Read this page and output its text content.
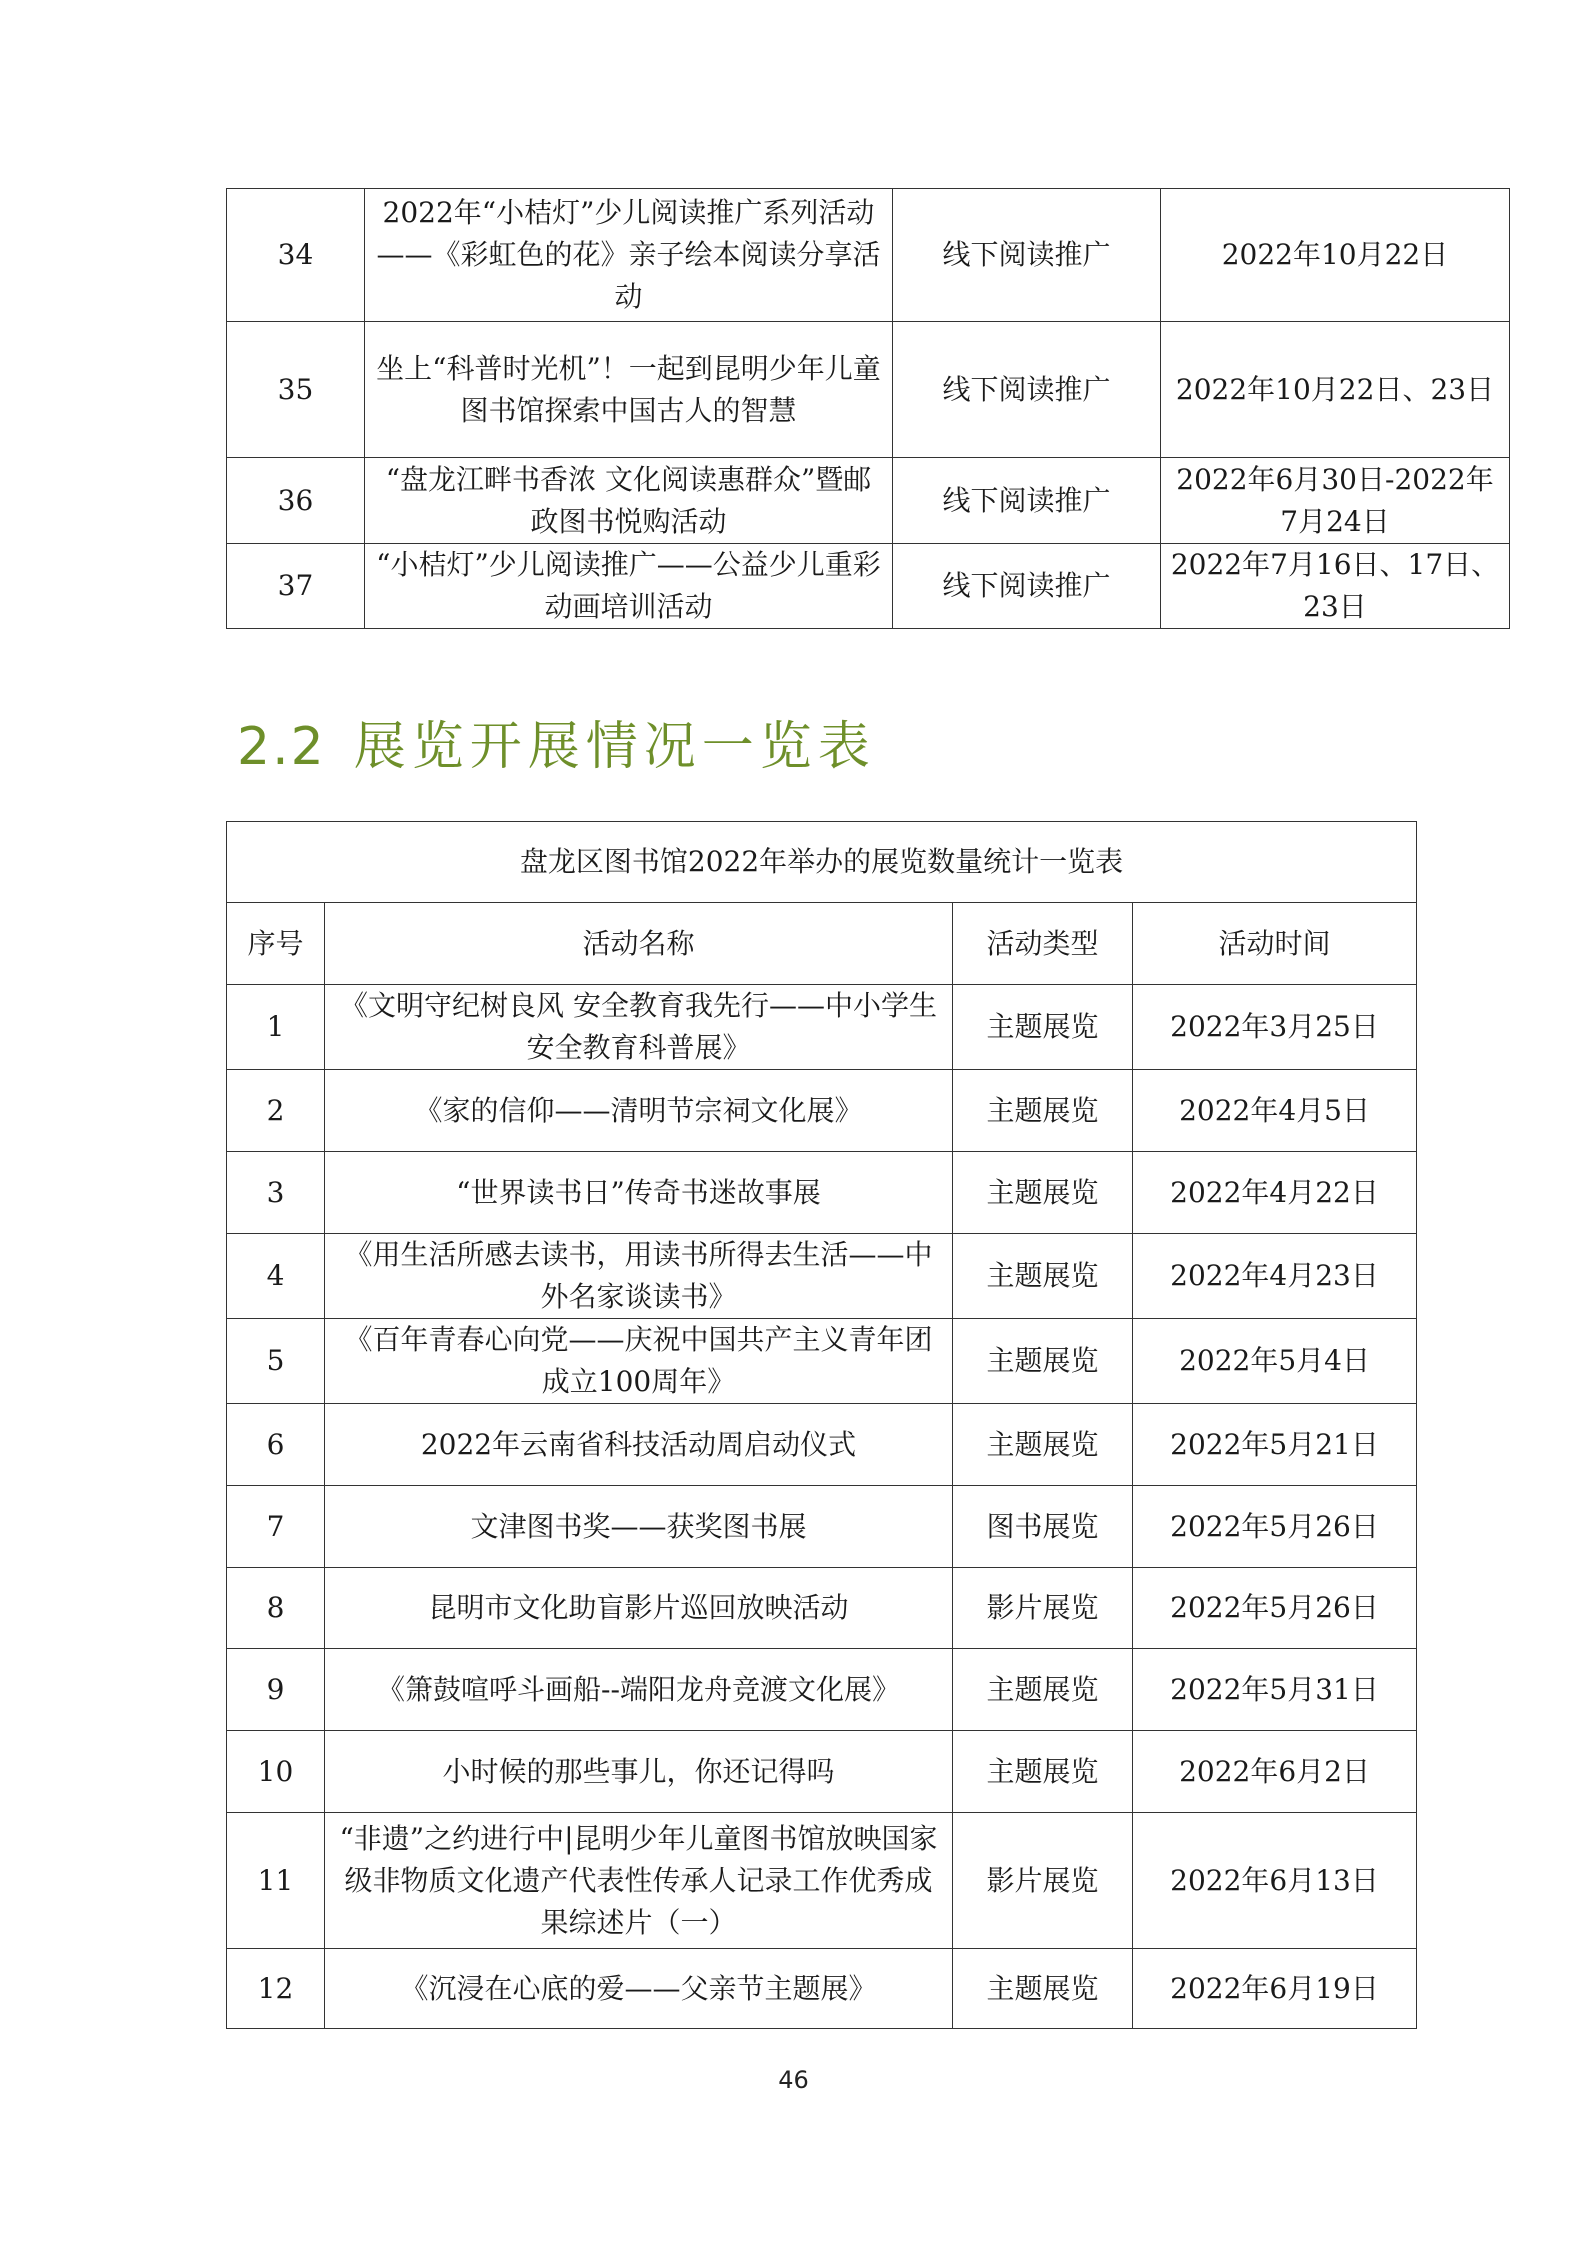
34	2022年“小桔灯”少儿阅读推广系列活动——《彩虹色的花》亲子绘本阅读分享活动	线下阅读推广	2022年10月22日
35	坐上“科普时光机”！一起到昆明少年儿童图书馆探索中国古人的智慧	线下阅读推广	2022年10月22日、23日
36	“盘龙江畔书香浓 文化阅读惠群众”暨邮政图书悦购活动	线下阅读推广	2022年6月30日-2022年7月24日
37	“小桔灯”少儿阅读推广——公益少儿重彩动画培训活动	线下阅读推广	2022年7月16日、17日、23日
2.2 展览开展情况一览表
盘龙区图书馆2022年举办的展览数量统计一览表			
序号	活动名称	活动类型	活动时间
1	《文明守纪树良风 安全教育我先行——中小学生安全教育科普展》	主题展览	2022年3月25日
2	《家的信仰——清明节宗祠文化展》	主题展览	2022年4月5日
3	“世界读书日”传奇书迷故事展	主题展览	2022年4月22日
4	《用生活所感去读书，用读书所得去生活——中外名家谈读书》	主题展览	2022年4月23日
5	《百年青春心向党——庆祝中国共产主义青年团成立100周年》	主题展览	2022年5月4日
6	2022年云南省科技活动周启动仪式	主题展览	2022年5月21日
7	文津图书奖——获奖图书展	图书展览	2022年5月26日
8	昆明市文化助盲影片巡回放映活动	影片展览	2022年5月26日
9	《箫鼓喧呼斗画船--端阳龙舟竞渡文化展》	主题展览	2022年5月31日
10	小时候的那些事儿，你还记得吗	主题展览	2022年6月2日
11	“非遗”之约进行中|昆明少年儿童图书馆放映国家级非物质文化遗产代表性传承人记录工作优秀成果综述片（一）	影片展览	2022年6月13日
12	《沉浸在心底的爱——父亲节主题展》	主题展览	2022年6月19日

46
